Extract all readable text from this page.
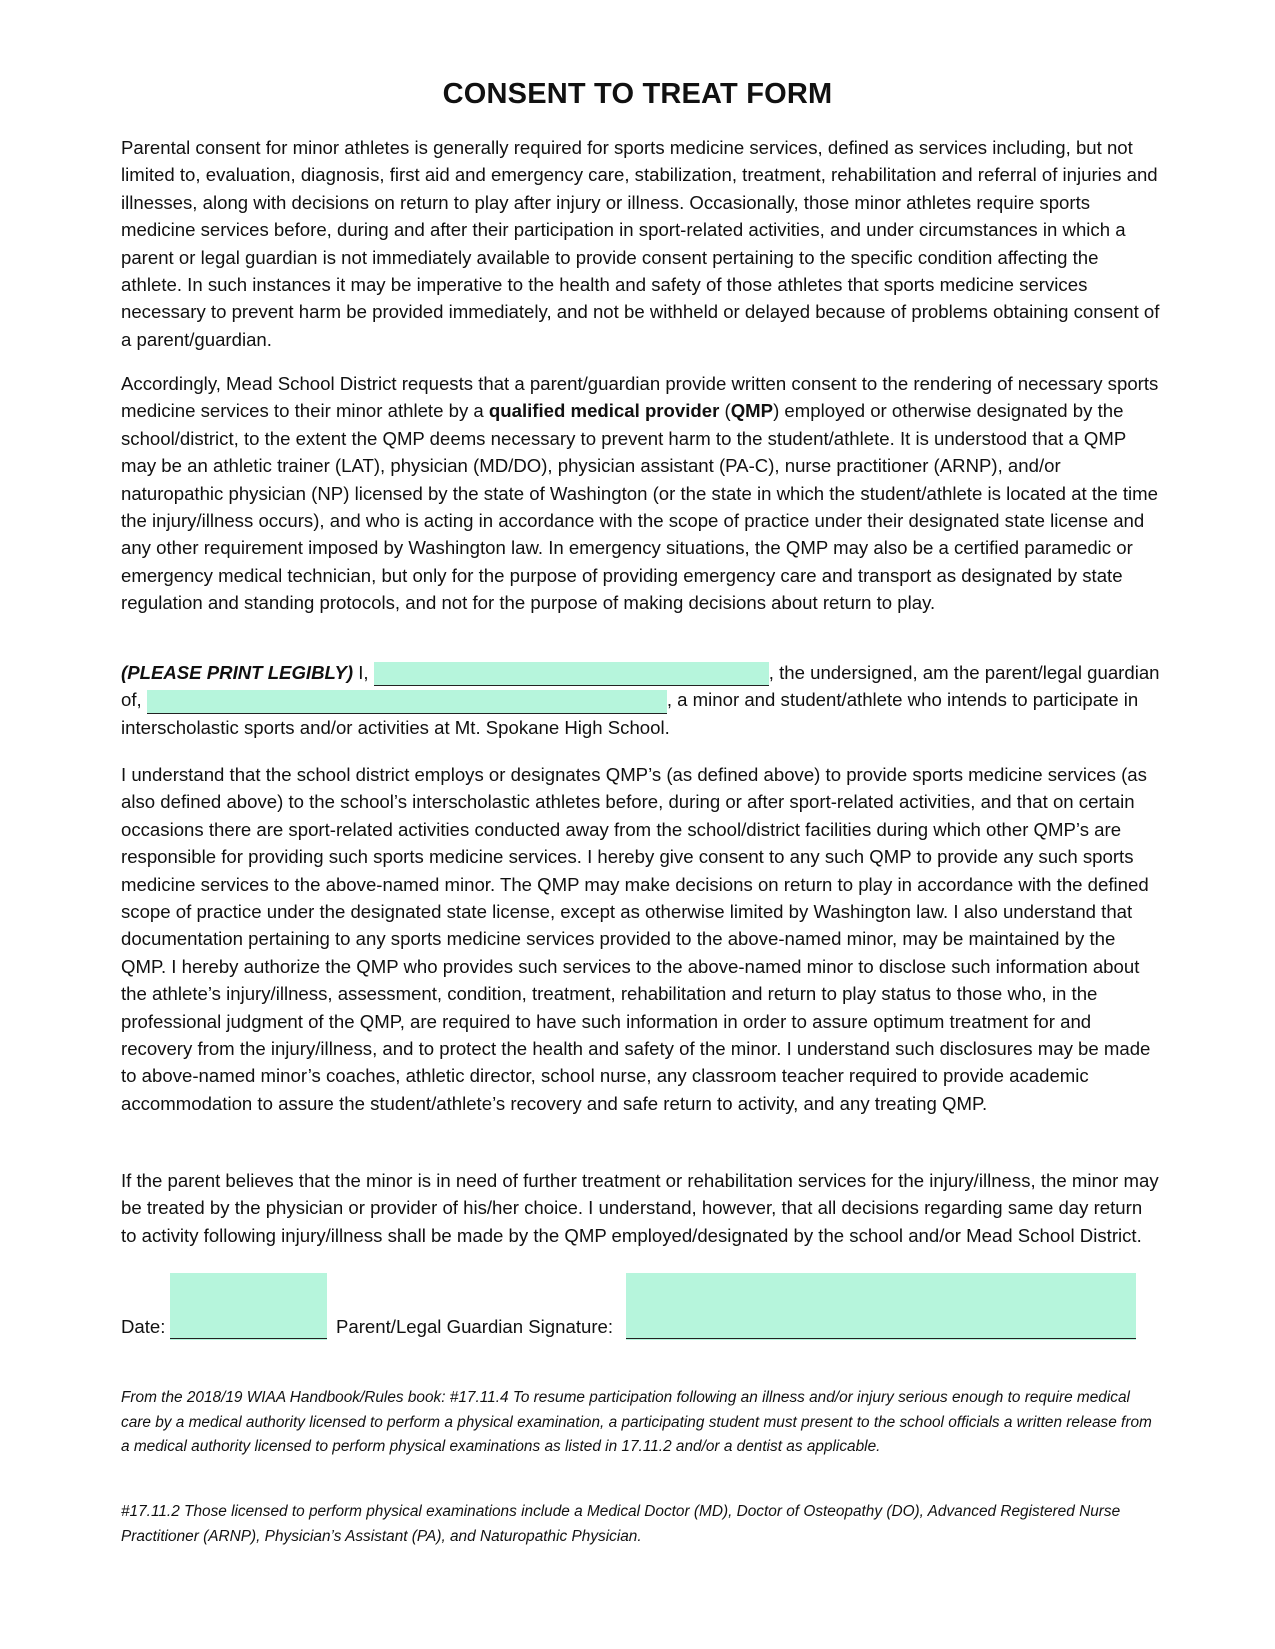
CONSENT TO TREAT FORM

Parental consent for minor athletes is generally required for sports medicine services, defined as services including, but not limited to, evaluation, diagnosis, first aid and emergency care, stabilization, treatment, rehabilitation and referral of injuries and illnesses, along with decisions on return to play after injury or illness. Occasionally, those minor athletes require sports medicine services before, during and after their participation in sport-related activities, and under circumstances in which a parent or legal guardian is not immediately available to provide consent pertaining to the specific condition affecting the athlete. In such instances it may be imperative to the health and safety of those athletes that sports medicine services necessary to prevent harm be provided immediately, and not be withheld or delayed because of problems obtaining consent of a parent/guardian.

Accordingly, Mead School District requests that a parent/guardian provide written consent to the rendering of necessary sports medicine services to their minor athlete by a qualified medical provider (QMP) employed or otherwise designated by the school/district, to the extent the QMP deems necessary to prevent harm to the student/athlete. It is understood that a QMP may be an athletic trainer (LAT), physician (MD/DO), physician assistant (PA-C), nurse practitioner (ARNP), and/or naturopathic physician (NP) licensed by the state of Washington (or the state in which the student/athlete is located at the time the injury/illness occurs), and who is acting in accordance with the scope of practice under their designated state license and any other requirement imposed by Washington law. In emergency situations, the QMP may also be a certified paramedic or emergency medical technician, but only for the purpose of providing emergency care and transport as designated by state regulation and standing protocols, and not for the purpose of making decisions about return to play.

(PLEASE PRINT LEGIBLY) I,	, the undersigned, am the parent/legal guardian of,	, a minor and student/athlete who intends to participate in interscholastic sports and/or activities at Mt. Spokane High School.

I understand that the school district employs or designates QMP’s (as defined above) to provide sports medicine services (as also defined above) to the school’s interscholastic athletes before, during or after sport-related activities, and that on certain occasions there are sport-related activities conducted away from the school/district facilities during which other QMP’s are responsible for providing such sports medicine services. I hereby give consent to any such QMP to provide any such sports medicine services to the above-named minor. The QMP may make decisions on return to play in accordance with the defined scope of practice under the designated state license, except as otherwise limited by Washington law. I also understand that documentation pertaining to any sports medicine services provided to the above-named minor, may be maintained by the QMP. I hereby authorize the QMP who provides such services to the above-named minor to disclose such information about the athlete’s injury/illness, assessment, condition, treatment, rehabilitation and return to play status to those who, in the professional judgment of the QMP, are required to have such information in order to assure optimum treatment for and recovery from the injury/illness, and to protect the health and safety of the minor. I understand such disclosures may be made to above-named minor’s coaches, athletic director, school nurse, any classroom teacher required to provide academic accommodation to assure the student/athlete’s recovery and safe return to activity, and any treating QMP.

If the parent believes that the minor is in need of further treatment or rehabilitation services for the injury/illness, the minor may be treated by the physician or provider of his/her choice. I understand, however, that all decisions regarding same day return to activity following injury/illness shall be made by the QMP employed/designated by the school and/or Mead School District.

Date:	Parent/Legal Guardian Signature:

From the 2018/19 WIAA Handbook/Rules book: #17.11.4 To resume participation following an illness and/or injury serious enough to require medical care by a medical authority licensed to perform a physical examination, a participating student must present to the school officials a written release from a medical authority licensed to perform physical examinations as listed in 17.11.2 and/or a dentist as applicable.

#17.11.2 Those licensed to perform physical examinations include a Medical Doctor (MD), Doctor of Osteopathy (DO), Advanced Registered Nurse Practitioner (ARNP), Physician’s Assistant (PA), and Naturopathic Physician.
